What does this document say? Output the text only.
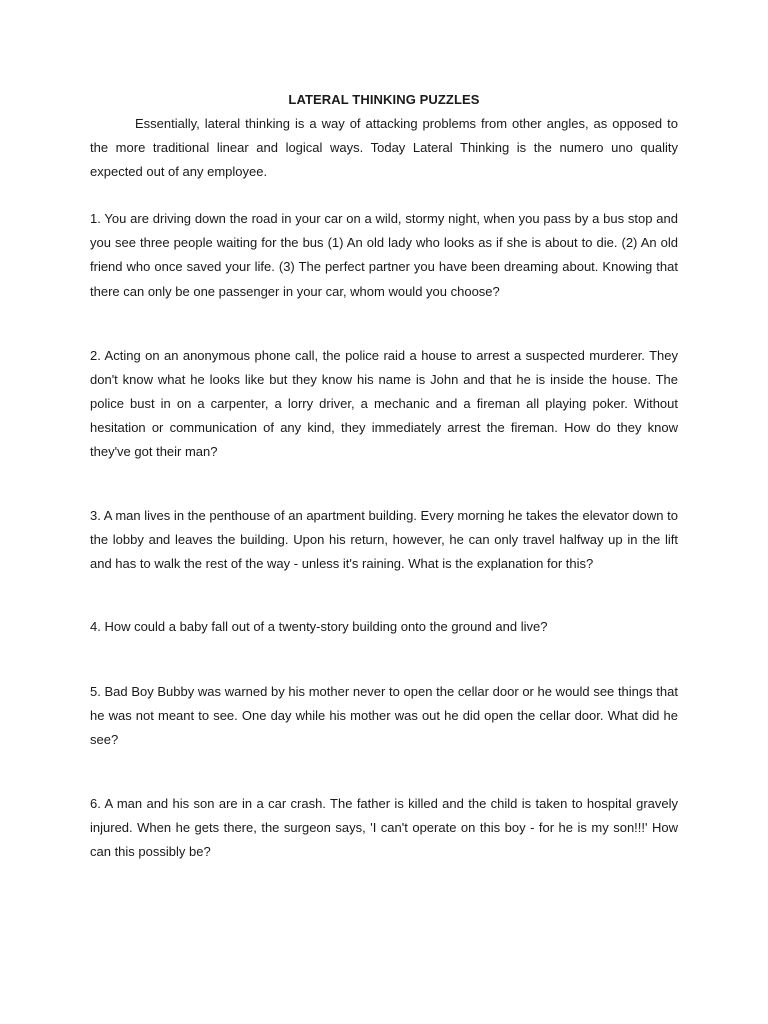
LATERAL THINKING PUZZLES

Essentially, lateral thinking is a way of attacking problems from other angles, as opposed to the more traditional linear and logical ways. Today Lateral Thinking is the numero uno quality expected out of any employee.

1. You are driving down the road in your car on a wild, stormy night, when you pass by a bus stop and you see three people waiting for the bus (1) An old lady who looks as if she is about to die. (2) An old friend who once saved your life. (3) The perfect partner you have been dreaming about. Knowing that there can only be one passenger in your car, whom would you choose?

2. Acting on an anonymous phone call, the police raid a house to arrest a suspected murderer. They don't know what he looks like but they know his name is John and that he is inside the house. The police bust in on a carpenter, a lorry driver, a mechanic and a fireman all playing poker. Without hesitation or communication of any kind, they immediately arrest the fireman. How do they know they've got their man?

3. A man lives in the penthouse of an apartment building. Every morning he takes the elevator down to the lobby and leaves the building. Upon his return, however, he can only travel halfway up in the lift and has to walk the rest of the way - unless it's raining. What is the explanation for this?

4. How could a baby fall out of a twenty-story building onto the ground and live?

5. Bad Boy Bubby was warned by his mother never to open the cellar door or he would see things that he was not meant to see. One day while his mother was out he did open the cellar door. What did he see?

6. A man and his son are in a car crash. The father is killed and the child is taken to hospital gravely injured. When he gets there, the surgeon says, 'I can't operate on this boy - for he is my son!!!' How can this possibly be?
